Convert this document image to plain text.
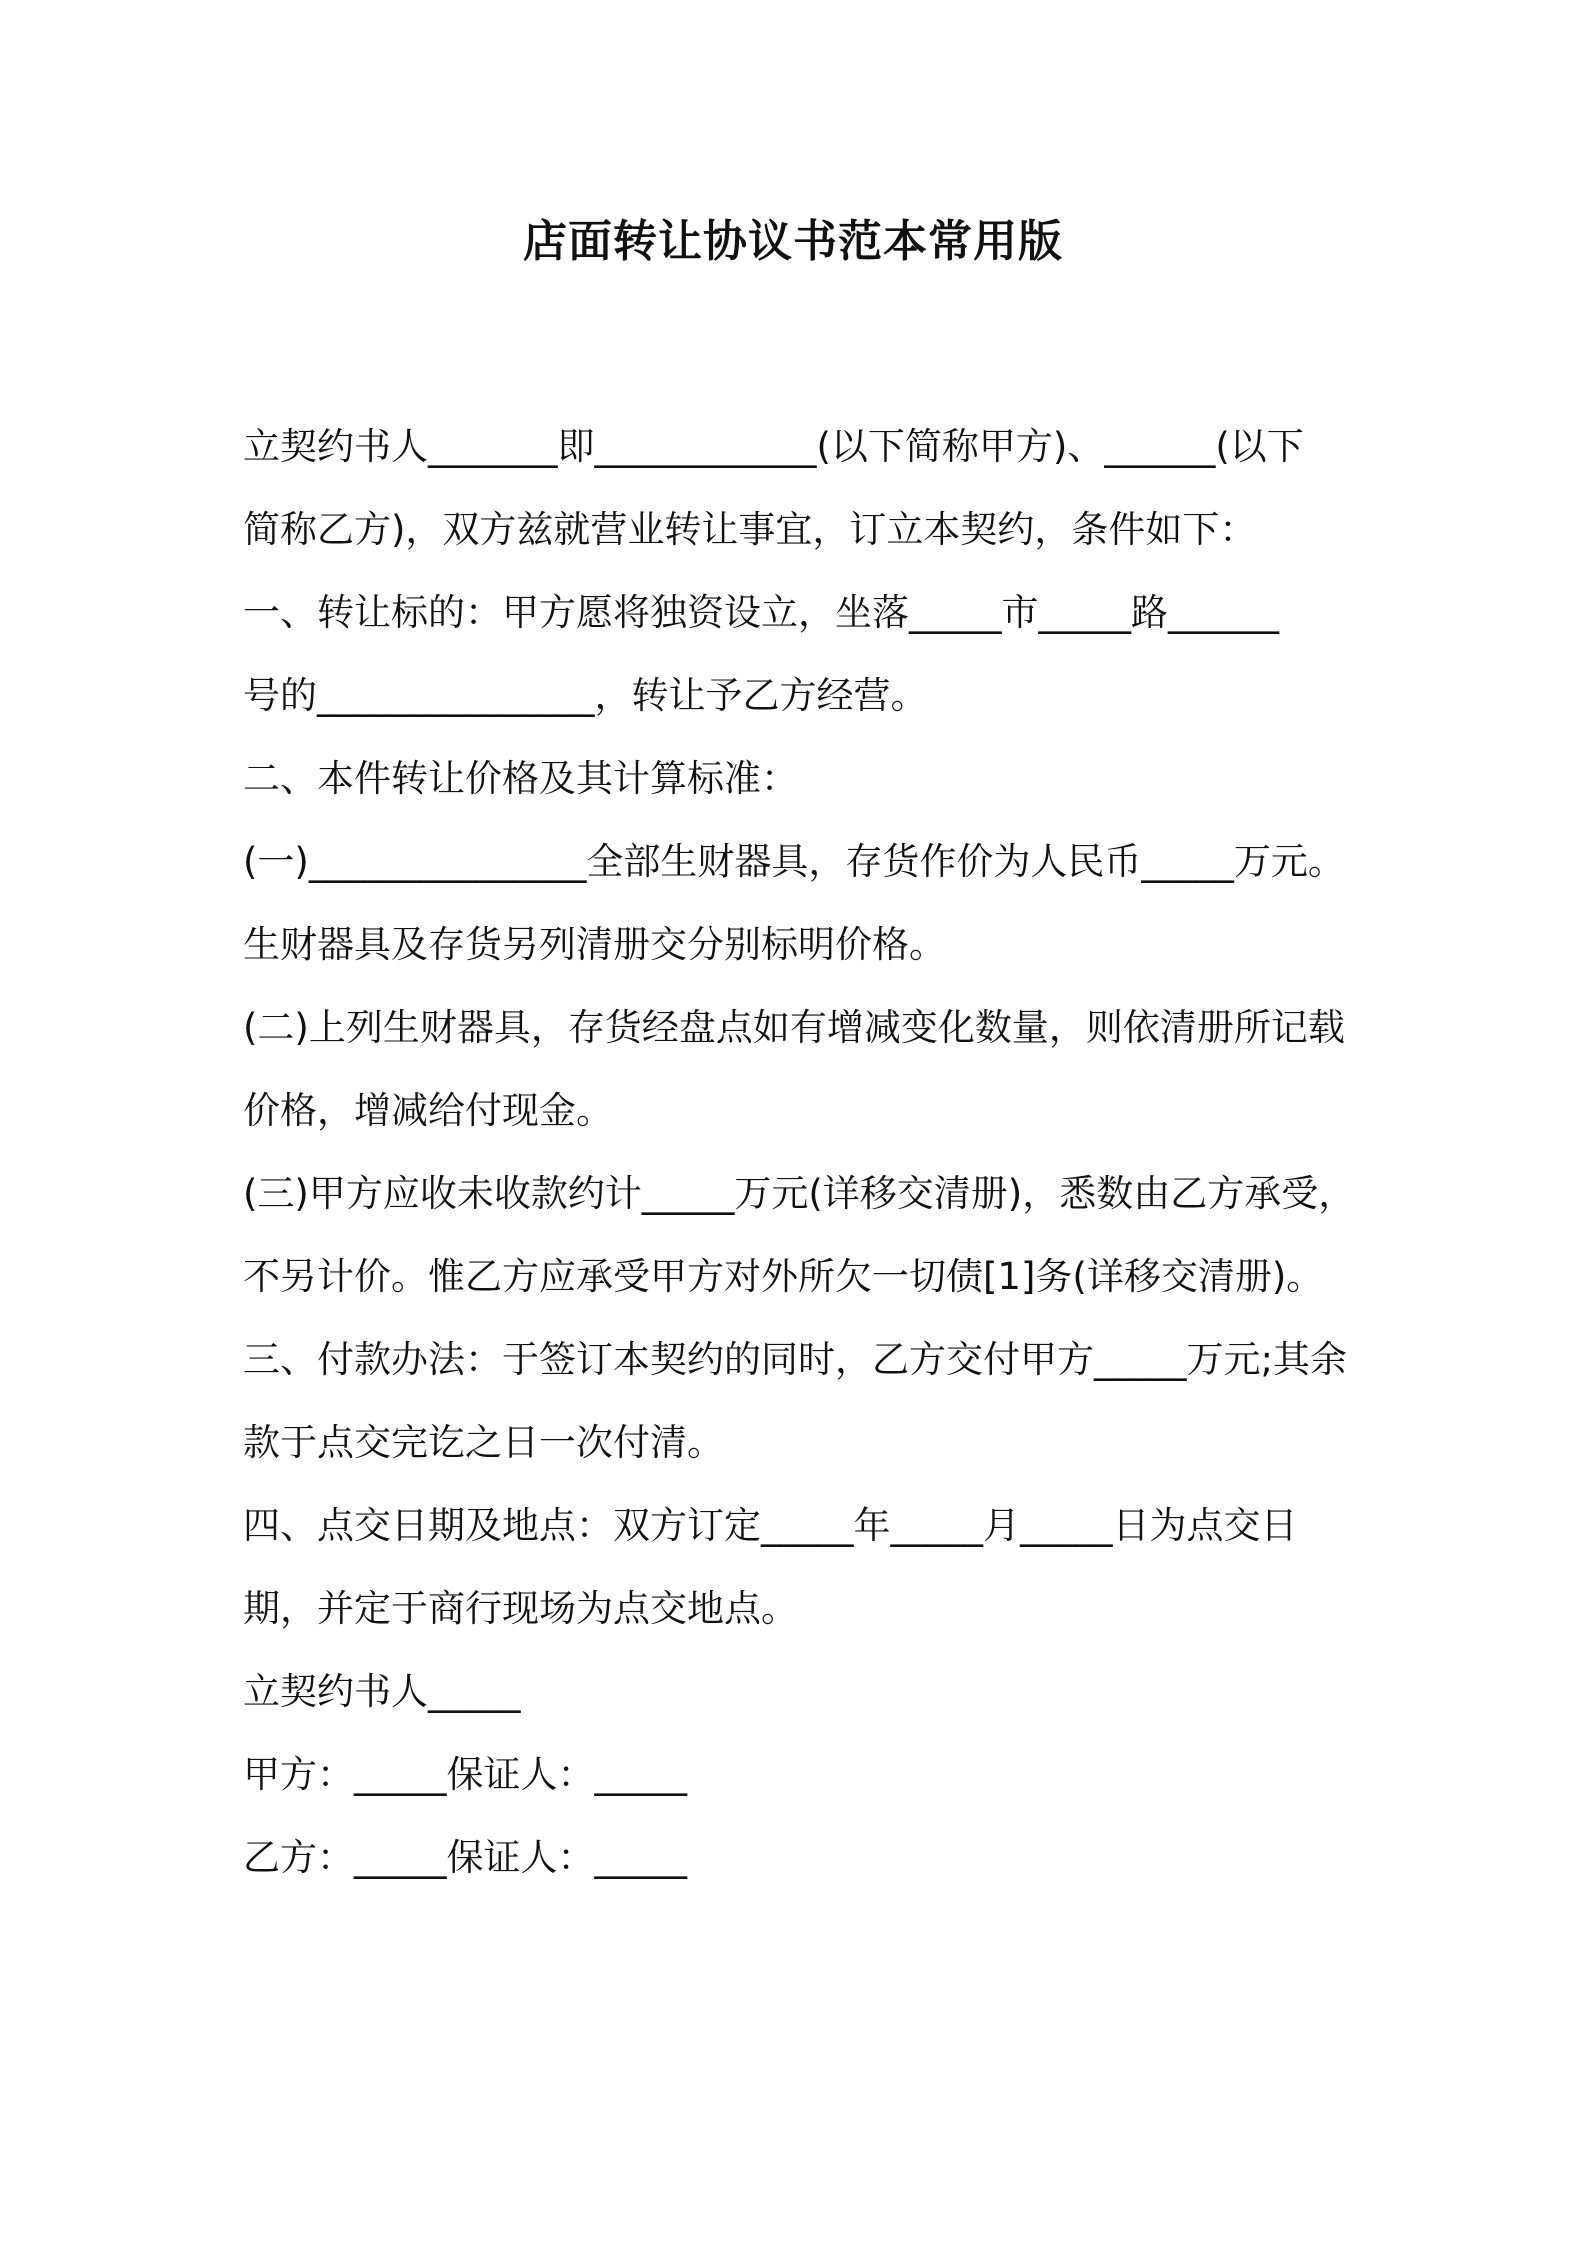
店面转让协议书范本常用版
立契约书人_______即____________(以下简称甲方)、______(以下
简称乙方)，双方兹就营业转让事宜，订立本契约，条件如下：
一、转让标的：甲方愿将独资设立，坐落_____市_____路______
号的_______________，转让予乙方经营。
二、本件转让价格及其计算标准：
(一)_______________全部生财器具，存货作价为人民币_____万元。
生财器具及存货另列清册交分别标明价格。
(二)上列生财器具，存货经盘点如有增减变化数量，则依清册所记载
价格，增减给付现金。
(三)甲方应收未收款约计_____万元(详移交清册)，悉数由乙方承受，
不另计价。惟乙方应承受甲方对外所欠一切债[1]务(详移交清册)。
三、付款办法：于签订本契约的同时，乙方交付甲方_____万元;其余
款于点交完讫之日一次付清。
四、点交日期及地点：双方订定_____年_____月_____日为点交日
期，并定于商行现场为点交地点。
立契约书人_____
甲方：_____保证人：_____
乙方：_____保证人：_____
